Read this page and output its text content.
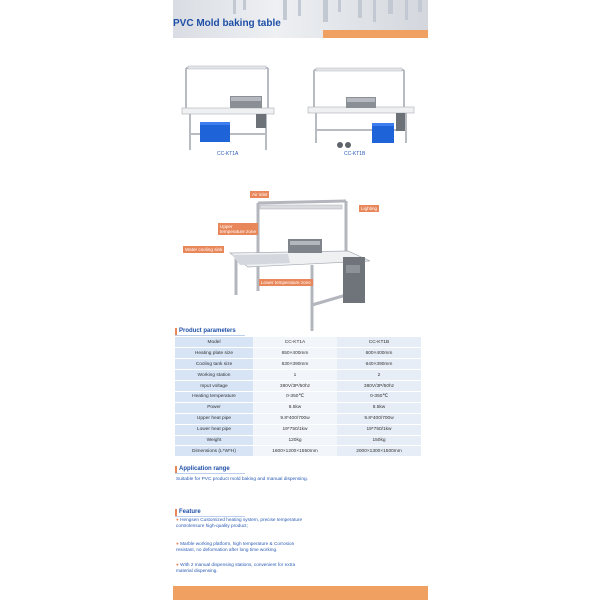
PVC Mold baking table
CC-KT1A	CC-KT1B
Air inlet
Lighting
Upper
temperature zone
Water cooling sink
Lower temperature zone
Product parameters
Model	CC-KT1A	CC-KT1B
Heating plate size	650×400mm	600×400mm
Cooling tank size	630×390mm	640×390mm
Working station	1	2
Input voltage	380V/3P/50hz	380V/3P/50hz
Heating temperature	0-350℃	0-350℃
Power	8.5kw	8.5kw
Upper heat pipe	9.8*400/700w	9.8*400/700w
Lower heat pipe	19*750/1kw	19*750/1kw
Weight	120kg	150kg
Dimensions (L*W*H)	1600×1200×1550mm	2000×1300×1500mm
Application range
Suitable for PVC product mold baking and manual dispensing.
Feature
● Hengsen Customized heating system, precise temperature
controlensure high-quality product;
● Marble working platform, high temperature & Corrosion
resistant, no deformation after long time working.
● With 2 manual dispensing stations, convenient for extra
material dispensing.
